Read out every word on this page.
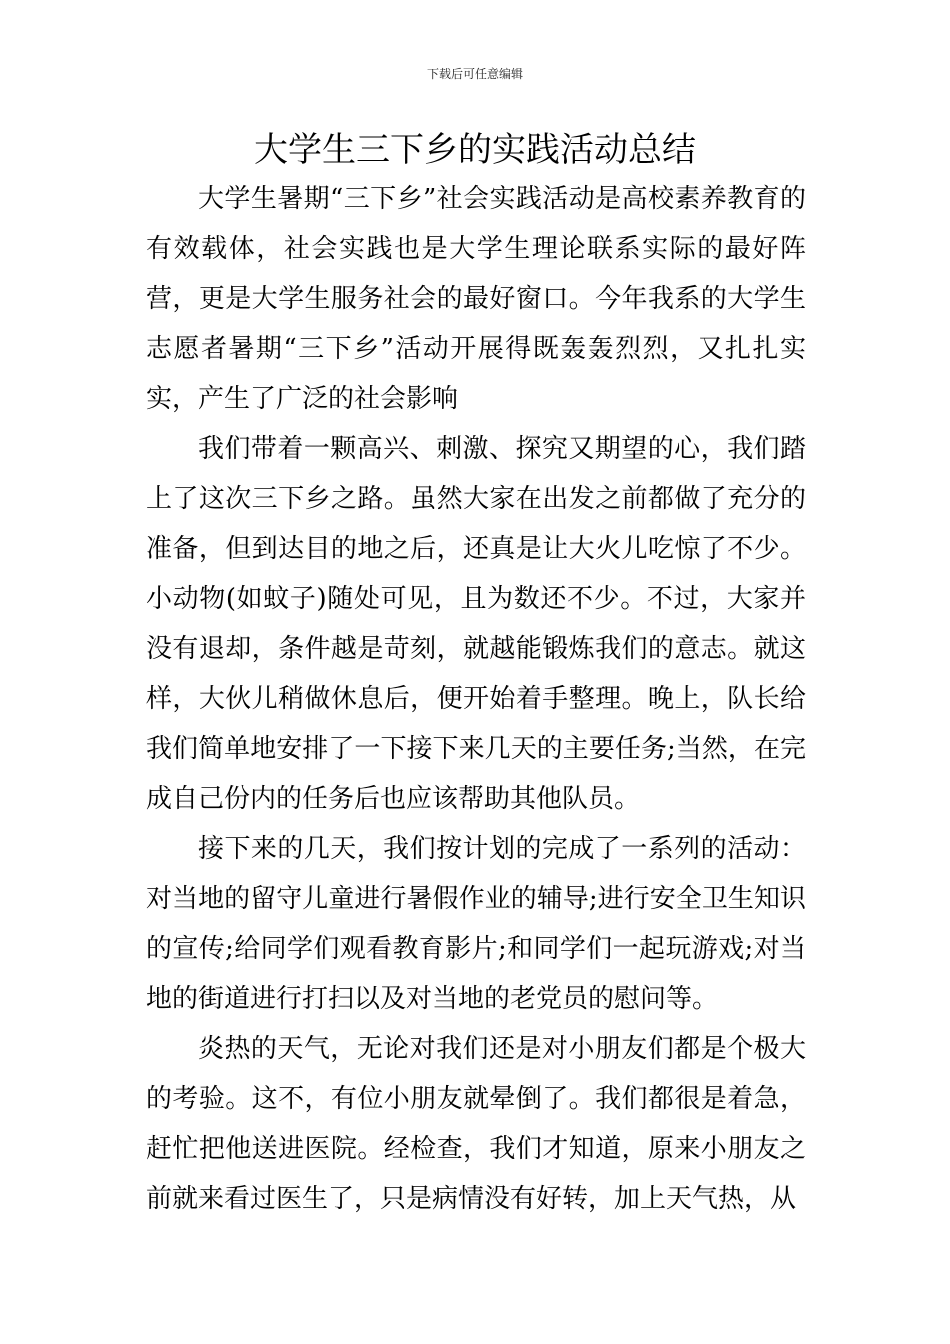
下载后可任意编辑
大学生三下乡的实践活动总结

大学生暑期“三下乡”社会实践活动是高校素养教育的有效载体，社会实践也是大学生理论联系实际的最好阵营，更是大学生服务社会的最好窗口。今年我系的大学生志愿者暑期“三下乡”活动开展得既轰轰烈烈，又扎扎实实，产生了广泛的社会影响

我们带着一颗高兴、刺激、探究又期望的心，我们踏上了这次三下乡之路。虽然大家在出发之前都做了充分的准备，但到达目的地之后，还真是让大火儿吃惊了不少。小动物(如蚊子)随处可见，且为数还不少。不过，大家并没有退却，条件越是苛刻，就越能锻炼我们的意志。就这样，大伙儿稍做休息后，便开始着手整理。晚上，队长给我们简单地安排了一下接下来几天的主要任务;当然，在完成自己份内的任务后也应该帮助其他队员。

接下来的几天，我们按计划的完成了一系列的活动：对当地的留守儿童进行暑假作业的辅导;进行安全卫生知识的宣传;给同学们观看教育影片;和同学们一起玩游戏;对当地的街道进行打扫以及对当地的老党员的慰问等。

炎热的天气，无论对我们还是对小朋友们都是个极大的考验。这不，有位小朋友就晕倒了。我们都很是着急，赶忙把他送进医院。经检查，我们才知道，原来小朋友之前就来看过医生了，只是病情没有好转，加上天气热，从
